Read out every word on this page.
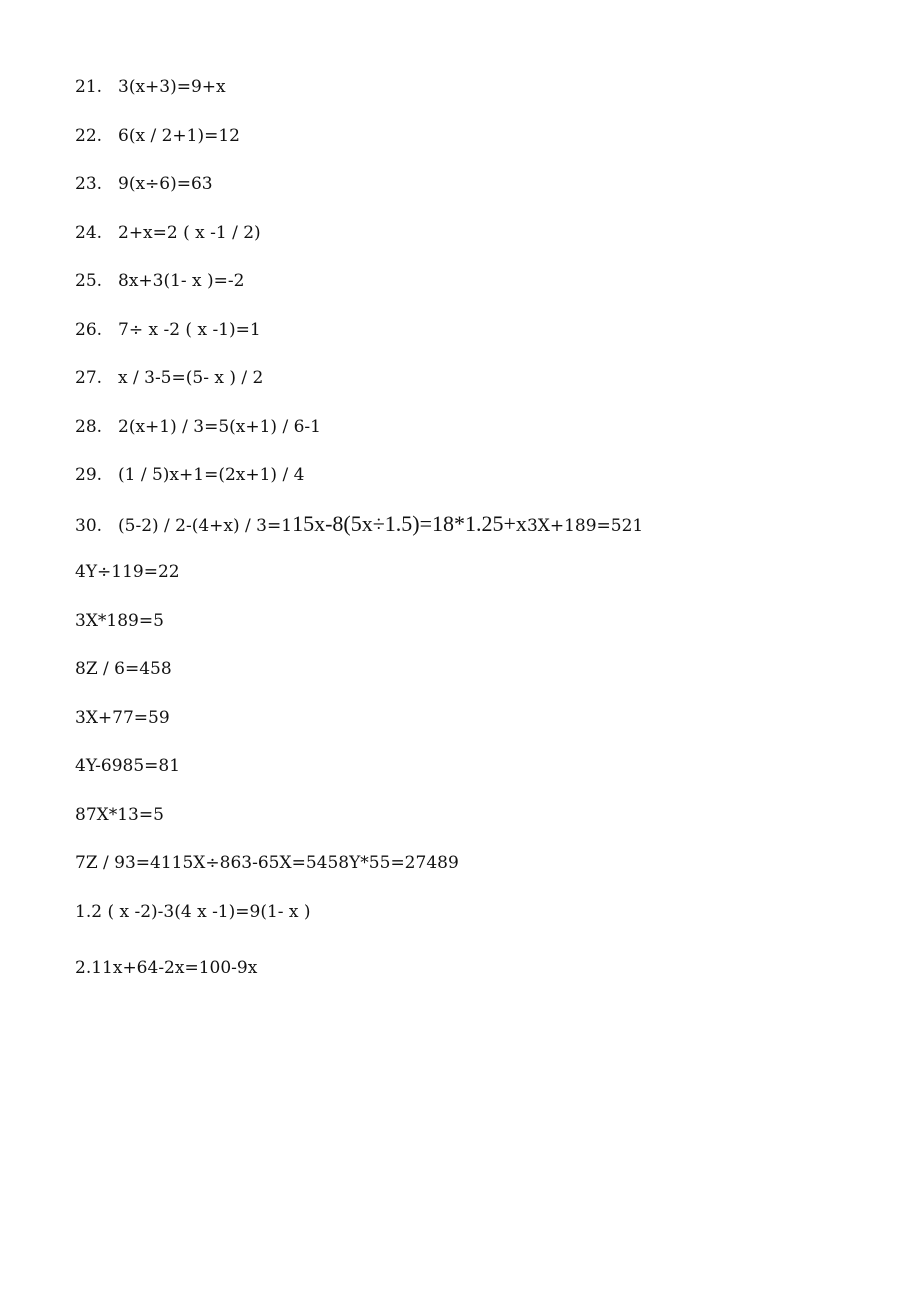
21. 3(x+3)=9+x
22. 6(x / 2+1)=12
23. 9(x÷6)=63
24. 2+x=2 ( x -1 / 2)
25. 8x+3(1- x )=-2
26. 7÷ x -2 ( x -1)=1
27. x / 3-5=(5- x ) / 2
28. 2(x+1) / 3=5(x+1) / 6-1
29. (1 / 5)x+1=(2x+1) / 4
30. (5-2) / 2-(4+x) / 3=115x-8(5x÷1.5)=18*1.25+x3X+189=521
4Y÷119=22
3X*189=5
8Z / 6=458
3X+77=59
4Y-6985=81
87X*13=5
7Z / 93=4115X÷863-65X=5458Y*55=27489
1.2 ( x -2)-3(4 x -1)=9(1- x )
2.11x+64-2x=100-9x
